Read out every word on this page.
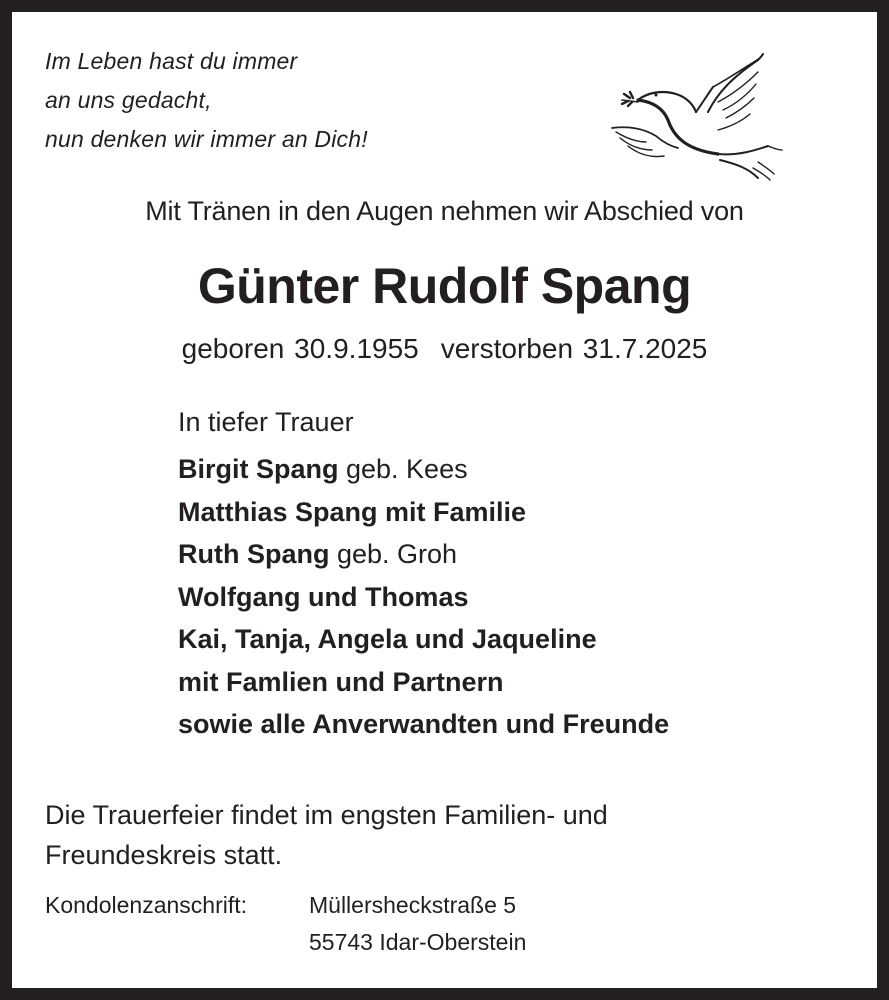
Im Leben hast du immer
an uns gedacht,
nun denken wir immer an Dich!
Mit Tränen in den Augen nehmen wir Abschied von
Günter Rudolf Spang
geboren 30.9.1955 verstorben 31.7.2025
In tiefer Trauer
Birgit Spang geb. Kees
Matthias Spang mit Familie
Ruth Spang geb. Groh
Wolfgang und Thomas
Kai, Tanja, Angela und Jaqueline
mit Famlien und Partnern
sowie alle Anverwandten und Freunde
Die Trauerfeier findet im engsten Familien- und
Freundeskreis statt.
Kondolenzanschrift:	Müllersheckstraße 5
55743 Idar-Oberstein
